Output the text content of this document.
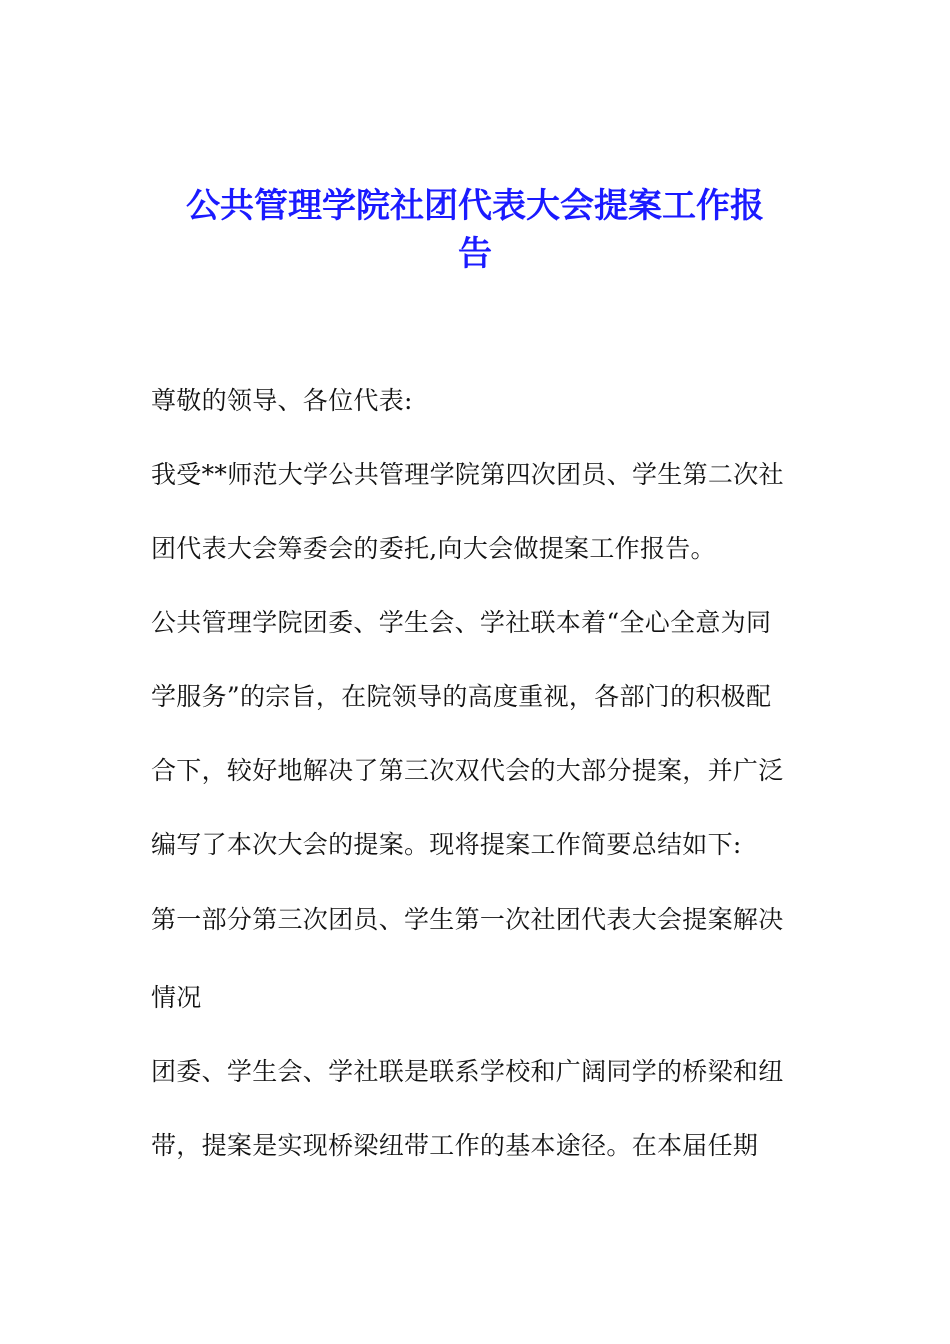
公共管理学院社团代表大会提案工作报
告
尊敬的领导、各位代表:
我受**师范大学公共管理学院第四次团员、学生第二次社
团代表大会筹委会的委托,向大会做提案工作报告。
公共管理学院团委、学生会、学社联本着“全心全意为同
学服务”的宗旨，在院领导的高度重视，各部门的积极配
合下，较好地解决了第三次双代会的大部分提案，并广泛
编写了本次大会的提案。现将提案工作简要总结如下:
第一部分第三次团员、学生第一次社团代表大会提案解决
情况
团委、学生会、学社联是联系学校和广阔同学的桥梁和纽
带，提案是实现桥梁纽带工作的基本途径。在本届任期
